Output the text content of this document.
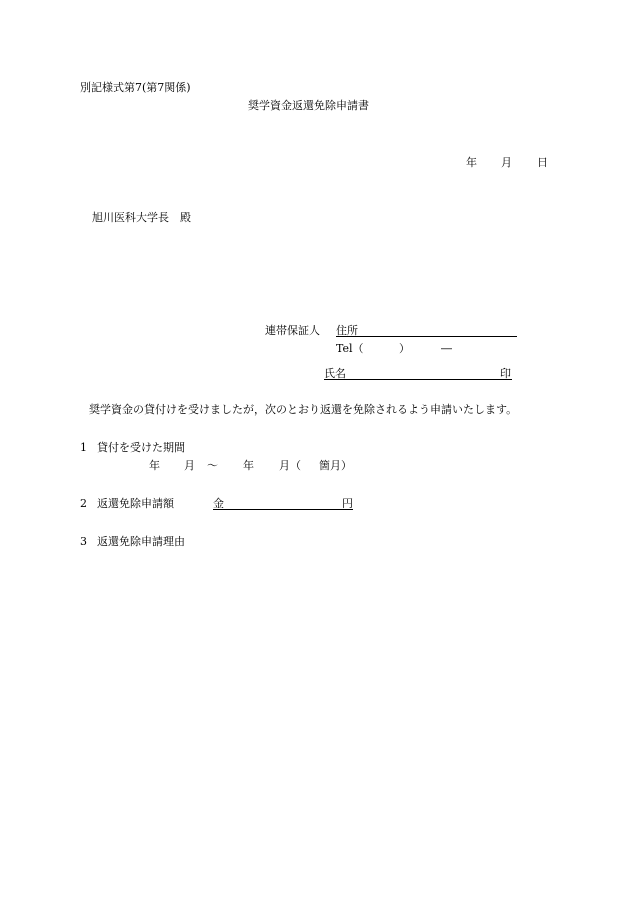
別記様式第7(第7関係)
奨学資金返還免除申請書
年 月 日
旭川医科大学長　殿
連帯保証人 住所
Tel（	）	―
氏名	印
奨学資金の貸付けを受けましたが，次のとおり返還を免除されるよう申請いたします。
1 貸付を受けた期間
年 月 ～ 年 月（ 箇月）
2 返還免除申請額	金	円
3 返還免除申請理由
